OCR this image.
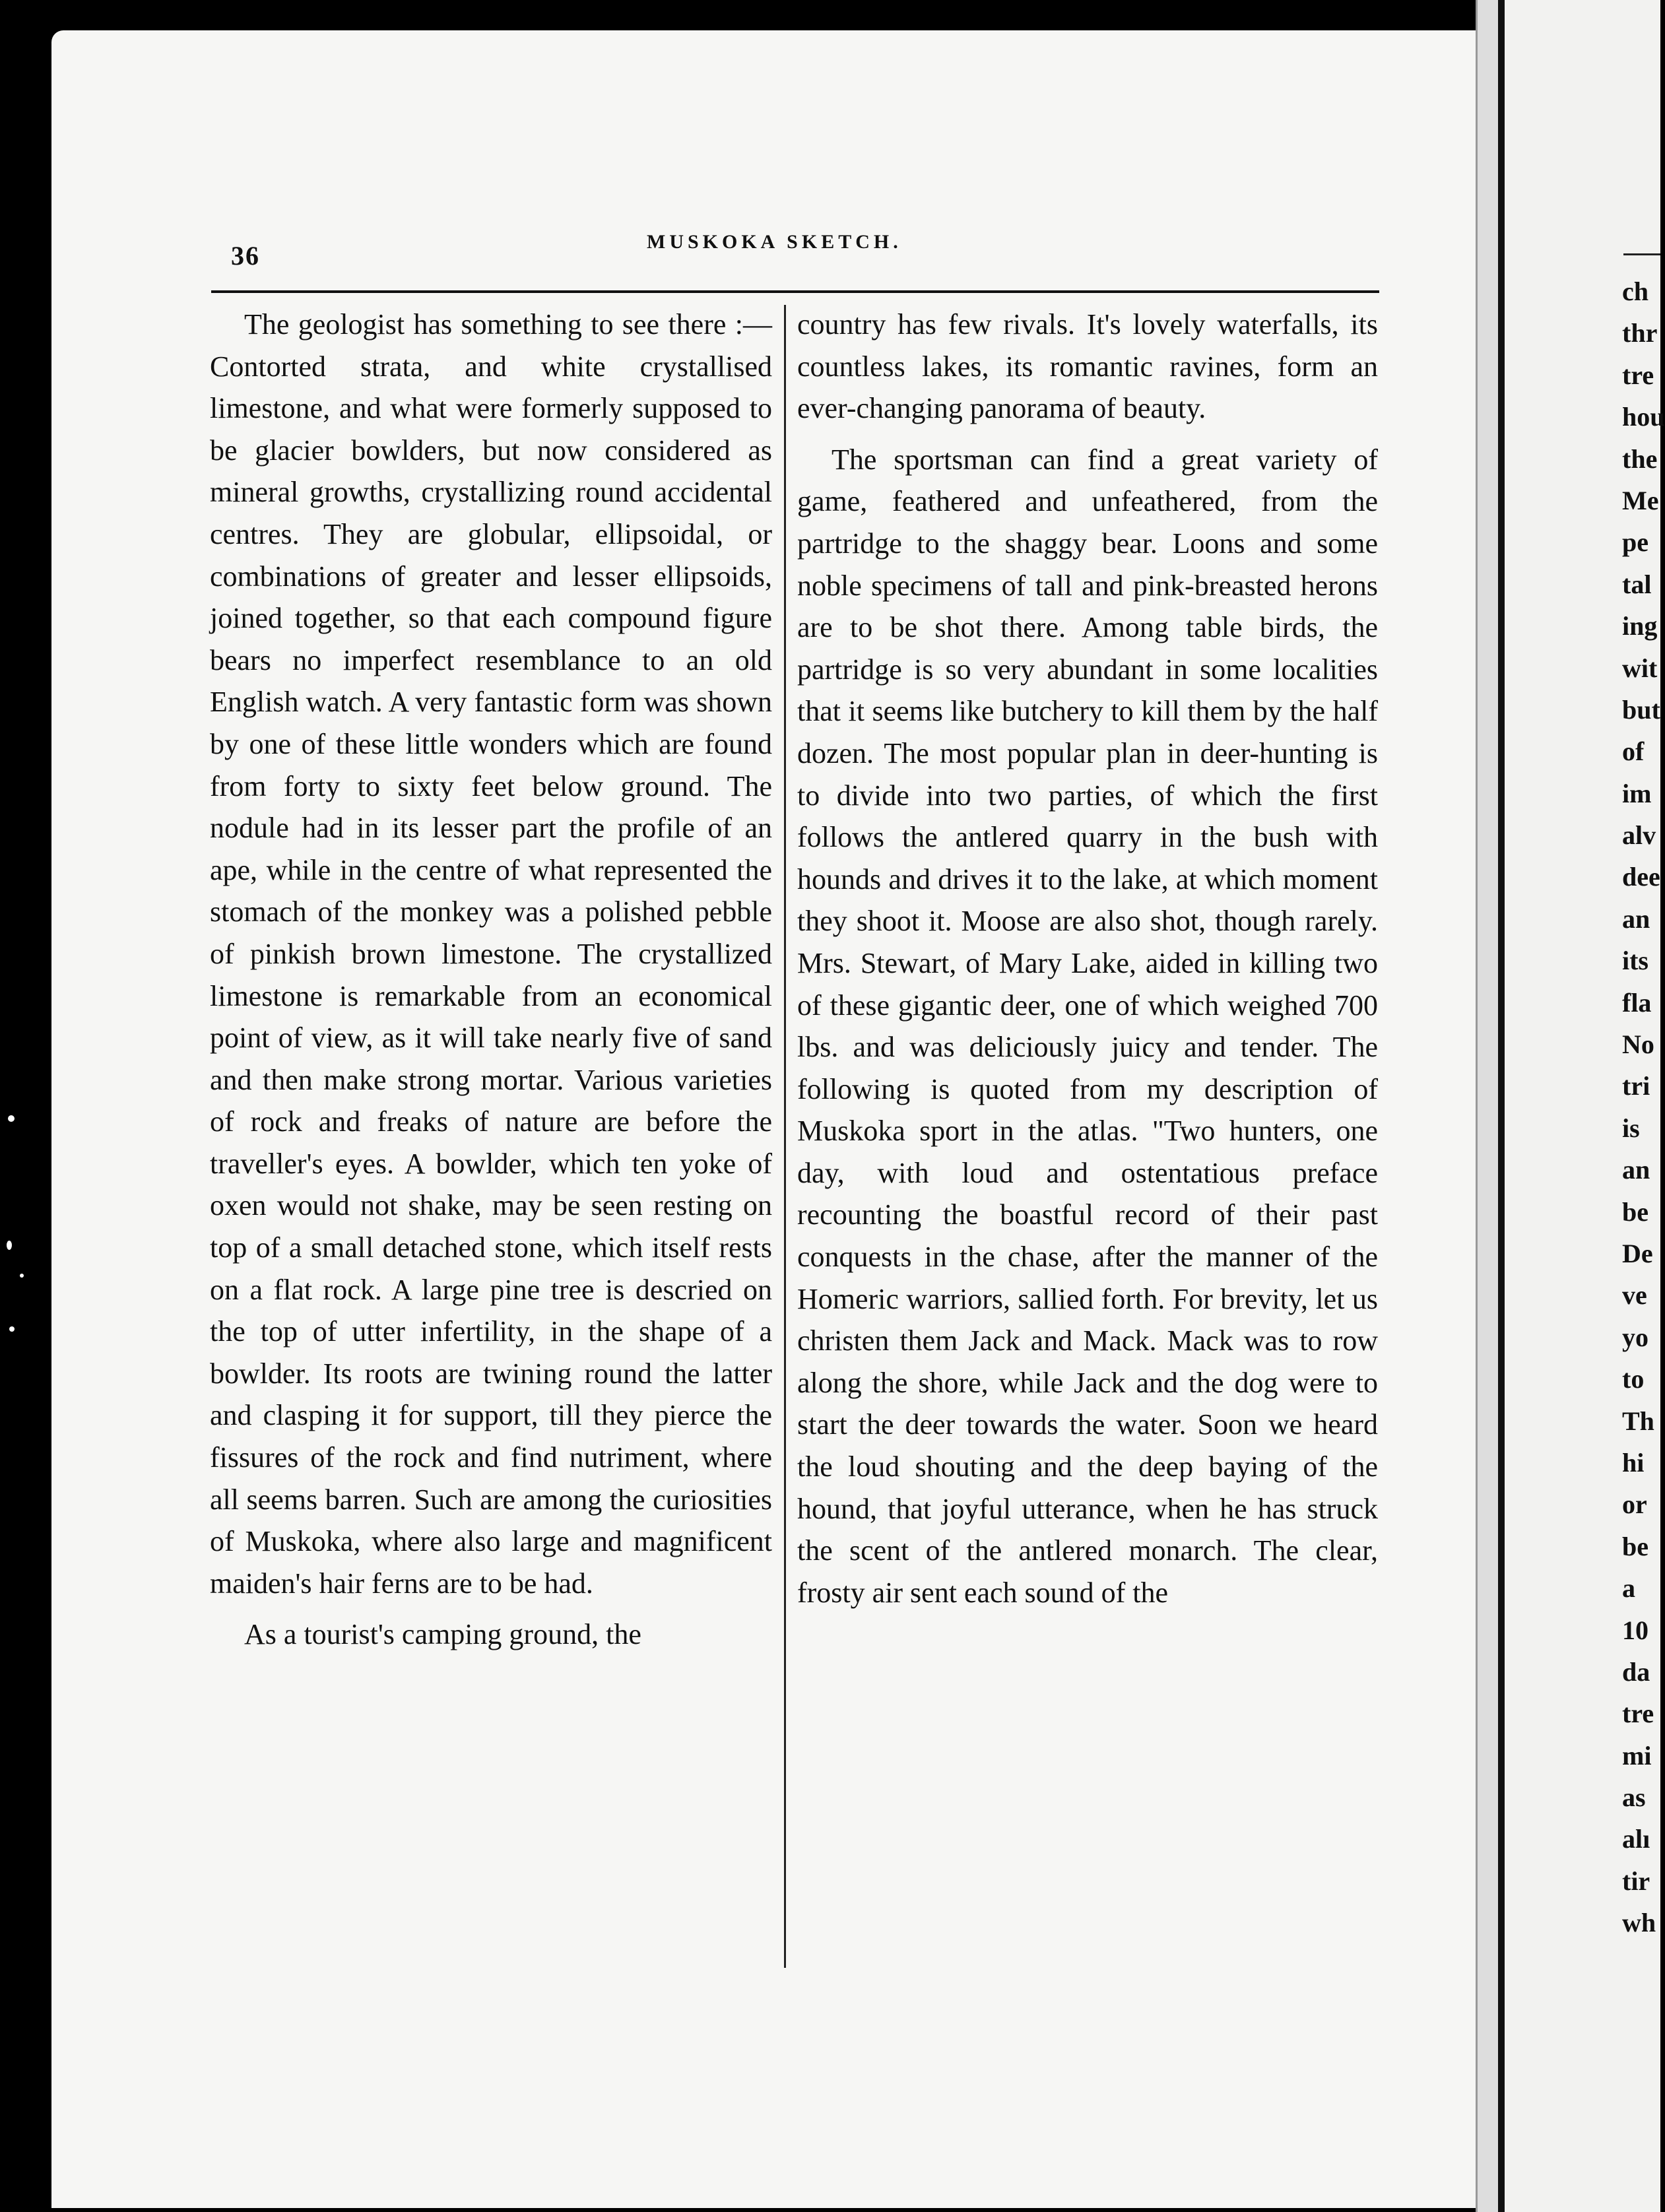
36	MUSKOKA SKETCH.

The geologist has something to see there :—Contorted strata, and white crystallised limestone, and what were formerly supposed to be glacier bowlders, but now considered as mineral growths, crystallizing round accidental centres. They are globular, ellipsoidal, or combinations of greater and lesser ellipsoids, joined together, so that each compound figure bears no imperfect resemblance to an old English watch. A very fantastic form was shown by one of these little wonders which are found from forty to sixty feet below ground. The nodule had in its lesser part the profile of an ape, while in the centre of what represented the stomach of the monkey was a polished pebble of pinkish brown limestone. The crystallized limestone is remarkable from an economical point of view, as it will take nearly five of sand and then make strong mortar. Various varieties of rock and freaks of nature are before the traveller's eyes. A bowlder, which ten yoke of oxen would not shake, may be seen resting on top of a small detached stone, which itself rests on a flat rock. A large pine tree is descried on the top of utter infertility, in the shape of a bowlder. Its roots are twining round the latter and clasping it for support, till they pierce the fissures of the rock and find nutriment, where all seems barren. Such are among the curiosities of Muskoka, where also large and magnificent maiden's hair ferns are to be had.

As a tourist's camping ground, the

country has few rivals. It's lovely waterfalls, its countless lakes, its romantic ravines, form an ever-changing panorama of beauty.

The sportsman can find a great variety of game, feathered and unfeathered, from the partridge to the shaggy bear. Loons and some noble specimens of tall and pink-breasted herons are to be shot there. Among table birds, the partridge is so very abundant in some localities that it seems like butchery to kill them by the half dozen. The most popular plan in deer-hunting is to divide into two parties, of which the first follows the antlered quarry in the bush with hounds and drives it to the lake, at which moment they shoot it. Moose are also shot, though rarely. Mrs. Stewart, of Mary Lake, aided in killing two of these gigantic deer, one of which weighed 700 lbs. and was deliciously juicy and tender. The following is quoted from my description of Muskoka sport in the atlas. "Two hunters, one day, with loud and ostentatious preface recounting the boastful record of their past conquests in the chase, after the manner of the Homeric warriors, sallied forth. For brevity, let us christen them Jack and Mack. Mack was to row along the shore, while Jack and the dog were to start the deer towards the water. Soon we heard the loud shouting and the deep baying of the hound, that joyful utterance, when he has struck the scent of the antlered monarch. The clear, frosty air sent each sound of the

ch
thr
tre
hou
the
Me
pe
tal
ing
wit
but
of
im
alv
dee
an
its
fla
No
tri
is
an
be
De
ve
yo
to
Th
hi
or
be
a
10
da
tre
mi
as
alı
tir
wh
